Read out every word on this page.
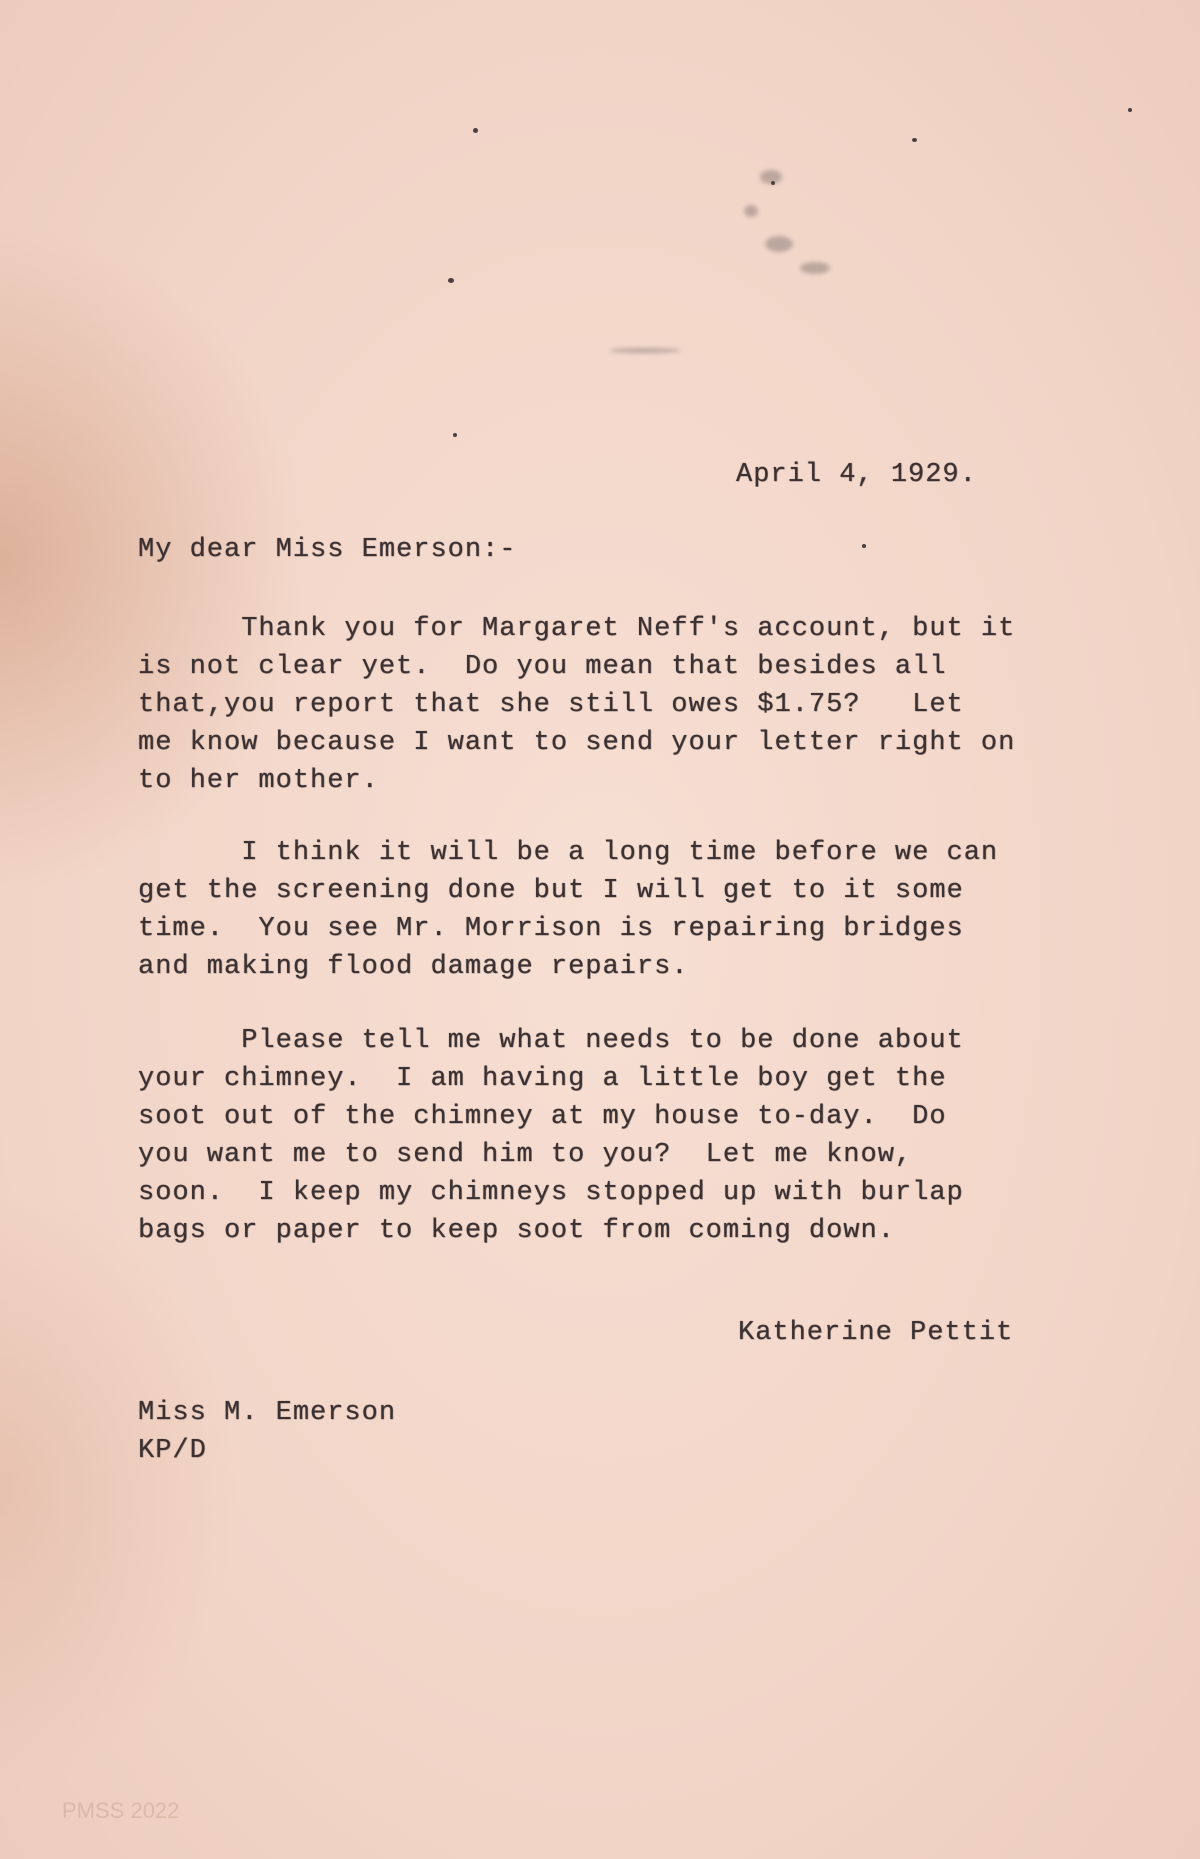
April 4, 1929.
My dear Miss Emerson:-
Thank you for Margaret Neff's account, but it
is not clear yet.  Do you mean that besides all
that,you report that she still owes $1.75?   Let
me know because I want to send your letter right on
to her mother.
I think it will be a long time before we can
get the screening done but I will get to it some
time.  You see Mr. Morrison is repairing bridges
and making flood damage repairs.
Please tell me what needs to be done about
your chimney.  I am having a little boy get the
soot out of the chimney at my house to-day.  Do
you want me to send him to you?  Let me know,
soon.  I keep my chimneys stopped up with burlap
bags or paper to keep soot from coming down.
Katherine Pettit
Miss M. Emerson
KP/D
PMSS 2022
